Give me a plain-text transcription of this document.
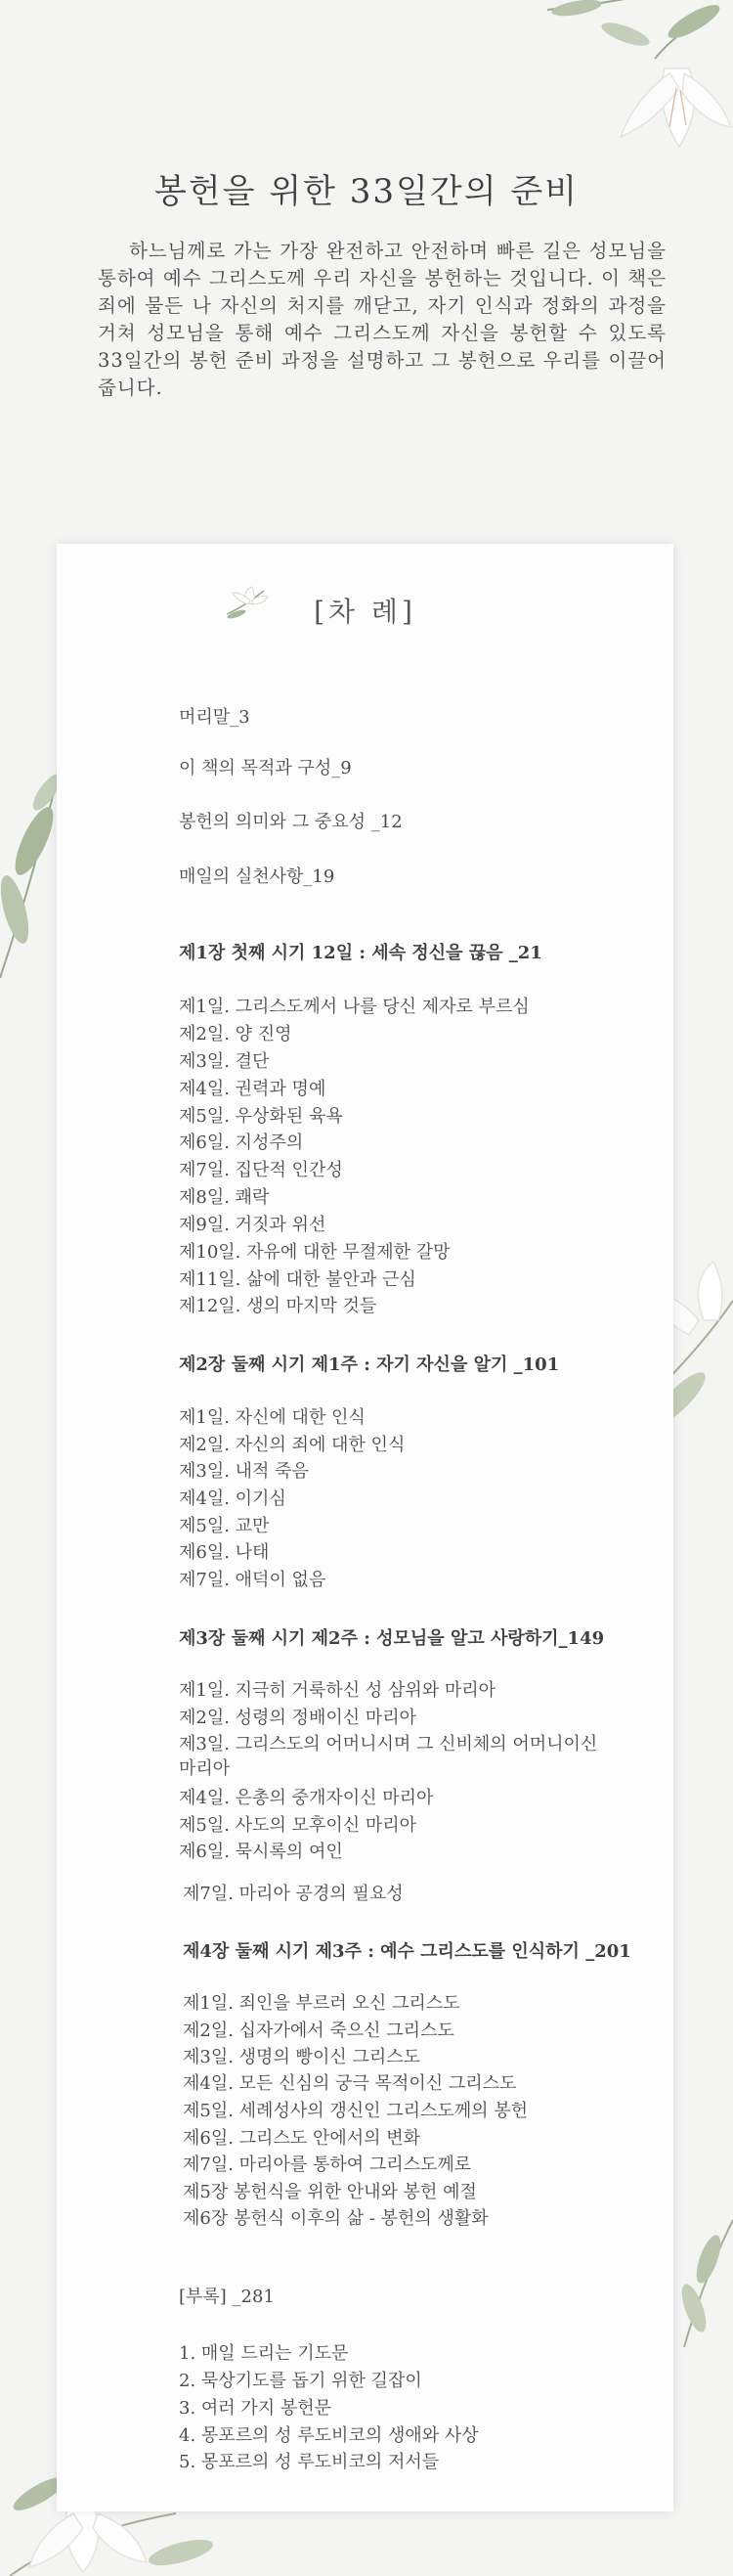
봉헌을 위한 33일간의 준비

하느님께로 가는 가장 완전하고 안전하며 빠른 길은 성모님을 통하여 예수 그리스도께 우리 자신을 봉헌하는 것입니다. 이 책은 죄에 물든 나 자신의 처지를 깨닫고, 자기 인식과 정화의 과정을 거쳐 성모님을 통해 예수 그리스도께 자신을 봉헌할 수 있도록 33일간의 봉헌 준비 과정을 설명하고 그 봉헌으로 우리를 이끌어 줍니다.

[차 례]
머리말_3
이 책의 목적과 구성_9
봉헌의 의미와 그 중요성 _12
매일의 실천사항_19
제1장 첫째 시기 12일 : 세속 정신을 끊음 _21
제1일. 그리스도께서 나를 당신 제자로 부르심
제2일. 양 진영
제3일. 결단
제4일. 권력과 명예
제5일. 우상화된 육욕
제6일. 지성주의
제7일. 집단적 인간성
제8일. 쾌락
제9일. 거짓과 위선
제10일. 자유에 대한 무절제한 갈망
제11일. 삶에 대한 불안과 근심
제12일. 생의 마지막 것들
제2장 둘째 시기 제1주 : 자기 자신을 알기 _101
제1일. 자신에 대한 인식
제2일. 자신의 죄에 대한 인식
제3일. 내적 죽음
제4일. 이기심
제5일. 교만
제6일. 나태
제7일. 애덕이 없음
제3장 둘째 시기 제2주 : 성모님을 알고 사랑하기_149
제1일. 지극히 거룩하신 성 삼위와 마리아
제2일. 성령의 정배이신 마리아
제3일. 그리스도의 어머니시며 그 신비체의 어머니이신
마리아
제4일. 은총의 중개자이신 마리아
제5일. 사도의 모후이신 마리아
제6일. 묵시록의 여인
제7일. 마리아 공경의 필요성
제4장 둘째 시기 제3주 : 예수 그리스도를 인식하기 _201
제1일. 죄인을 부르러 오신 그리스도
제2일. 십자가에서 죽으신 그리스도
제3일. 생명의 빵이신 그리스도
제4일. 모든 신심의 궁극 목적이신 그리스도
제5일. 세례성사의 갱신인 그리스도께의 봉헌
제6일. 그리스도 안에서의 변화
제7일. 마리아를 통하여 그리스도께로
제5장 봉헌식을 위한 안내와 봉헌 예절
제6장 봉헌식 이후의 삶 - 봉헌의 생활화
[부록] _281
1. 매일 드리는 기도문
2. 묵상기도를 돕기 위한 길잡이
3. 여러 가지 봉헌문
4. 몽포르의 성 루도비코의 생애와 사상
5. 몽포르의 성 루도비코의 저서들
